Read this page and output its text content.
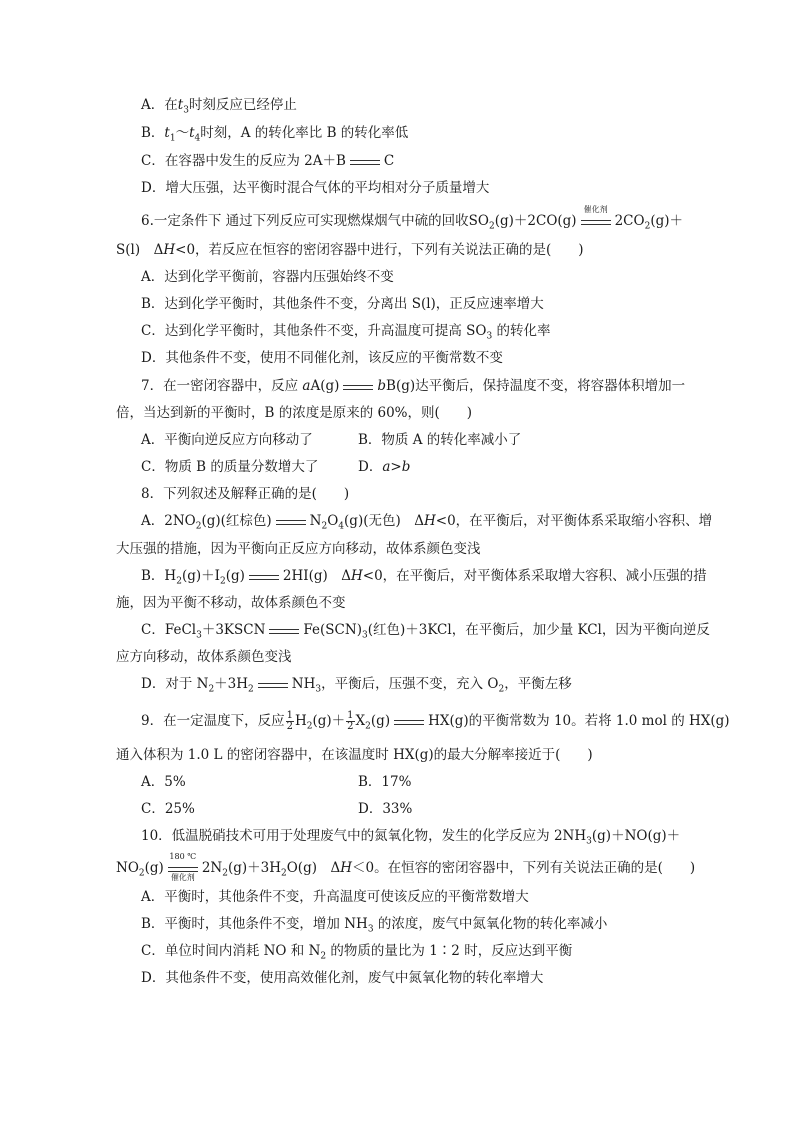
A．在$t_3$时刻反应已经停止
B．$t_1\sim t_4$时刻，A 的转化率比 B 的转化率低
C．在容器中发生的反应为 2A＋B	C
D．增大压强，达平衡时混合气体的平均相对分子质量增大
6.一定条件下 通过下列反应可实现燃煤烟气中硫的回收$SO_2(g)+2CO(g)$
催化剂
$2CO_2(g)+$
S(l)　ΔH<0，若反应在恒容的密闭容器中进行，下列有关说法正确的是(　　)
A．达到化学平衡前，容器内压强始终不变
B．达到化学平衡时，其他条件不变，分离出 S(l)，正反应速率增大
C．达到化学平衡时，其他条件不变，升高温度可提高 $SO_3$ 的转化率
D．其他条件不变，使用不同催化剂，该反应的平衡常数不变
7．在一密闭容器中，反应 aA(g)	bB(g)达平衡后，保持温度不变，将容器体积增加一
倍，当达到新的平衡时，B 的浓度是原来的 60%，则(　　)
A．平衡向逆反应方向移动了	B．物质 A 的转化率减小了
C．物质 B 的质量分数增大了	D．a>b
8．下列叙述及解释正确的是(　　)
A．$2NO_2(g)$(红棕色)	$N_2O_4(g)$(无色)　ΔH<0，在平衡后，对平衡体系采取缩小容积、增
大压强的措施，因为平衡向正反应方向移动，故体系颜色变浅
B．$H_2(g)+I_2(g)$	2HI(g)　ΔH<0，在平衡后，对平衡体系采取增大容积、减小压强的措
施，因为平衡不移动，故体系颜色不变
C．FeCl$_3$＋3KSCN	$Fe(SCN)_3$(红色)＋3KCl，在平衡后，加少量 KCl，因为平衡向逆反
应方向移动，故体系颜色变浅
D．对于 $N_2+3H_2$	$NH_3$，平衡后，压强不变，充入 $O_2$，平衡左移
9．在一定温度下，反应 $\frac{1}{2} H_2(g)+ \frac{1}{2} X_2(g)$	HX(g)的平衡常数为 10。若将 1.0 mol 的 HX(g)
通入体积为 1.0 L 的密闭容器中，在该温度时 HX(g)的最大分解率接近于(　　)
A．5%	B．17%
C．25%	D．33%
10．低温脱硝技术可用于处理废气中的氮氧化物，发生的化学反应为 $2NH_3(g)+NO(g)+$
$NO_2(g)$
180 ℃
催化剂
$2N_2(g)+3H_2O(g)$　ΔH＜0。在恒容的密闭容器中，下列有关说法正确的是(　　)
A．平衡时，其他条件不变，升高温度可使该反应的平衡常数增大
B．平衡时，其他条件不变，增加 $NH_3$ 的浓度，废气中氮氧化物的转化率减小
C．单位时间内消耗 NO 和 $N_2$ 的物质的量比为 1∶2 时，反应达到平衡
D．其他条件不变，使用高效催化剂，废气中氮氧化物的转化率增大
